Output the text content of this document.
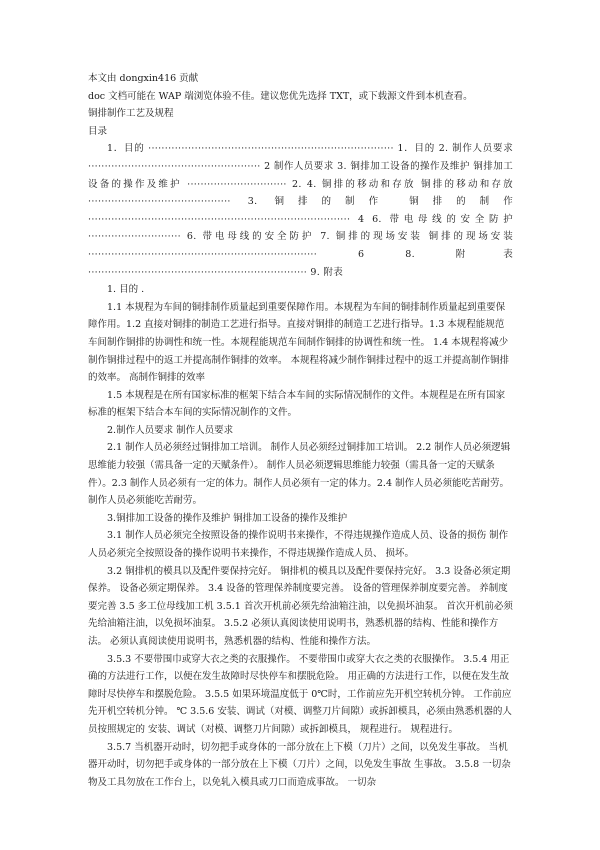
本文由 dongxin416 贡献

doc 文档可能在 WAP 端浏览体验不佳。建议您优先选择 TXT，或下载源文件到本机查看。

铜排制作工艺及规程

目录

1．目的 ·········································································· 1．目的 2. 制作人员要求 ···················································· 2 制作人员要求 3. 铜排加工设备的操作及维护 铜排加工设备的操作及维护 ······························ 2. 4. 铜排的移动和存放 铜排的移动和存放 ··········································· 3. 铜排的制作 铜排的制作 ··············································································· 4 6. 带电母线的安全防护 ···························· 6. 带电母线的安全防护 7. 铜排的现场安装 铜排的现场安装 ····································································· 6 8. 附表 ·································································· 9. 附表

1. 目的 .

1.1 本规程为车间的铜排制作质量起到重要保障作用。本规程为车间的铜排制作质量起到重要保障作用。1.2 直接对铜排的制造工艺进行指导。直接对铜排的制造工艺进行指导。1.3 本规程能规范车间制作铜排的协调性和统一性。本规程能规范车间制作铜排的协调性和统一性。 1.4 本规程将减少制作铜排过程中的返工并提高制作铜排的效率。 本规程将减少制作铜排过程中的返工并提高制作铜排的效率。 高制作铜排的效率

1.5 本规程是在所有国家标准的框架下结合本车间的实际情况制作的文件。本规程是在所有国家标准的框架下结合本车间的实际情况制作的文件。

2.制作人员要求 制作人员要求

2.1 制作人员必须经过铜排加工培训。 制作人员必须经过铜排加工培训。 2.2 制作人员必须逻辑思维能力较强（需具备一定的天赋条件）。 制作人员必须逻辑思维能力较强（需具备一定的天赋条件）。2.3 制作人员必须有一定的体力。制作人员必须有一定的体力。2.4 制作人员必须能吃苦耐劳。 制作人员必须能吃苦耐劳。

3.铜排加工设备的操作及维护 铜排加工设备的操作及维护

3.1 制作人员必须完全按照设备的操作说明书来操作，不得违规操作造成人员、设备的损伤 制作人员必须完全按照设备的操作说明书来操作，不得违规操作造成人员、 损坏。

3.2 铜排机的模具以及配件要保持完好。 铜排机的模具以及配件要保持完好。 3.3 设备必须定期保养。 设备必须定期保养。 3.4 设备的管理保养制度要完善。 设备的管理保养制度要完善。 养制度要完善 3.5 多工位母线加工机 3.5.1 首次开机前必须先给油箱注油，以免损坏油泵。 首次开机前必须先给油箱注油，以免损坏油泵。 3.5.2 必须认真阅读使用说明书，熟悉机器的结构、性能和操作方法。 必须认真阅读使用说明书，熟悉机器的结构、性能和操作方法。

3.5.3 不要带围巾或穿大衣之类的衣服操作。 不要带围巾或穿大衣之类的衣服操作。 3.5.4 用正确的方法进行工作，以便在发生故障时尽快停车和摆脱危险。 用正确的方法进行工作，以便在发生故障时尽快停车和摆脱危险。 3.5.5 如果环境温度低于 0℃时，工作前应先开机空转机分钟。 工作前应先开机空转机分钟。 ℃ 3.5.6 安装、调试（对模、调整刀片间隙）或拆卸模具，必须由熟悉机器的人员按照规定的 安装、调试（对模、调整刀片间隙）或拆卸模具， 规程进行。 规程进行。

3.5.7 当机器开动时，切勿把手或身体的一部分放在上下模（刀片）之间，以免发生事故。 当机器开动时，切勿把手或身体的一部分放在上下模（刀片）之间，以免发生事故 生事故。 3.5.8 一切杂物及工具勿放在工作台上，以免轧入模具或刀口而造成事故。 一切杂
